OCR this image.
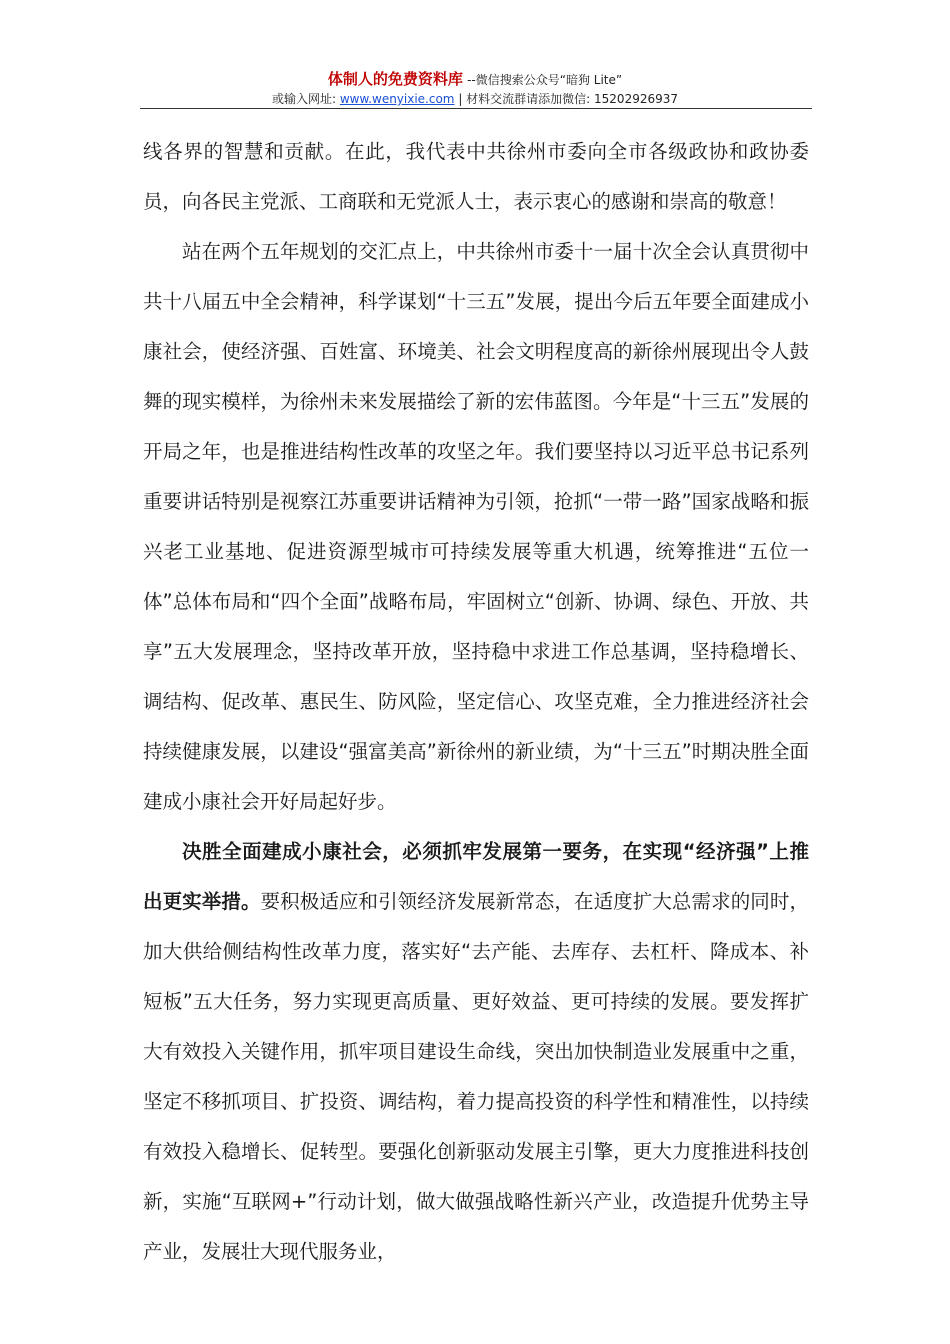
体制人的免费资料库 --微信搜索公众号“暗狗 Lite”
或输入网址: www.wenyixie.com | 材料交流群请添加微信: 15202926937

线各界的智慧和贡献。在此，我代表中共徐州市委向全市各级政协和政协委员，向各民主党派、工商联和无党派人士，表示衷心的感谢和崇高的敬意！

站在两个五年规划的交汇点上，中共徐州市委十一届十次全会认真贯彻中共十八届五中全会精神，科学谋划“十三五”发展，提出今后五年要全面建成小康社会，使经济强、百姓富、环境美、社会文明程度高的新徐州展现出令人鼓舞的现实模样，为徐州未来发展描绘了新的宏伟蓝图。今年是“十三五”发展的开局之年，也是推进结构性改革的攻坚之年。我们要坚持以习近平总书记系列重要讲话特别是视察江苏重要讲话精神为引领，抢抓“一带一路”国家战略和振兴老工业基地、促进资源型城市可持续发展等重大机遇，统筹推进“五位一体”总体布局和“四个全面”战略布局，牢固树立“创新、协调、绿色、开放、共享”五大发展理念，坚持改革开放，坚持稳中求进工作总基调，坚持稳增长、调结构、促改革、惠民生、防风险，坚定信心、攻坚克难，全力推进经济社会持续健康发展，以建设“强富美高”新徐州的新业绩，为“十三五”时期决胜全面建成小康社会开好局起好步。

决胜全面建成小康社会，必须抓牢发展第一要务，在实现“经济强”上推出更实举措。要积极适应和引领经济发展新常态，在适度扩大总需求的同时，加大供给侧结构性改革力度，落实好“去产能、去库存、去杠杆、降成本、补短板”五大任务，努力实现更高质量、更好效益、更可持续的发展。要发挥扩大有效投入关键作用，抓牢项目建设生命线，突出加快制造业发展重中之重，坚定不移抓项目、扩投资、调结构，着力提高投资的科学性和精准性，以持续有效投入稳增长、促转型。要强化创新驱动发展主引擎，更大力度推进科技创新，实施“互联网+”行动计划，做大做强战略性新兴产业，改造提升优势主导产业，发展壮大现代服务业，
